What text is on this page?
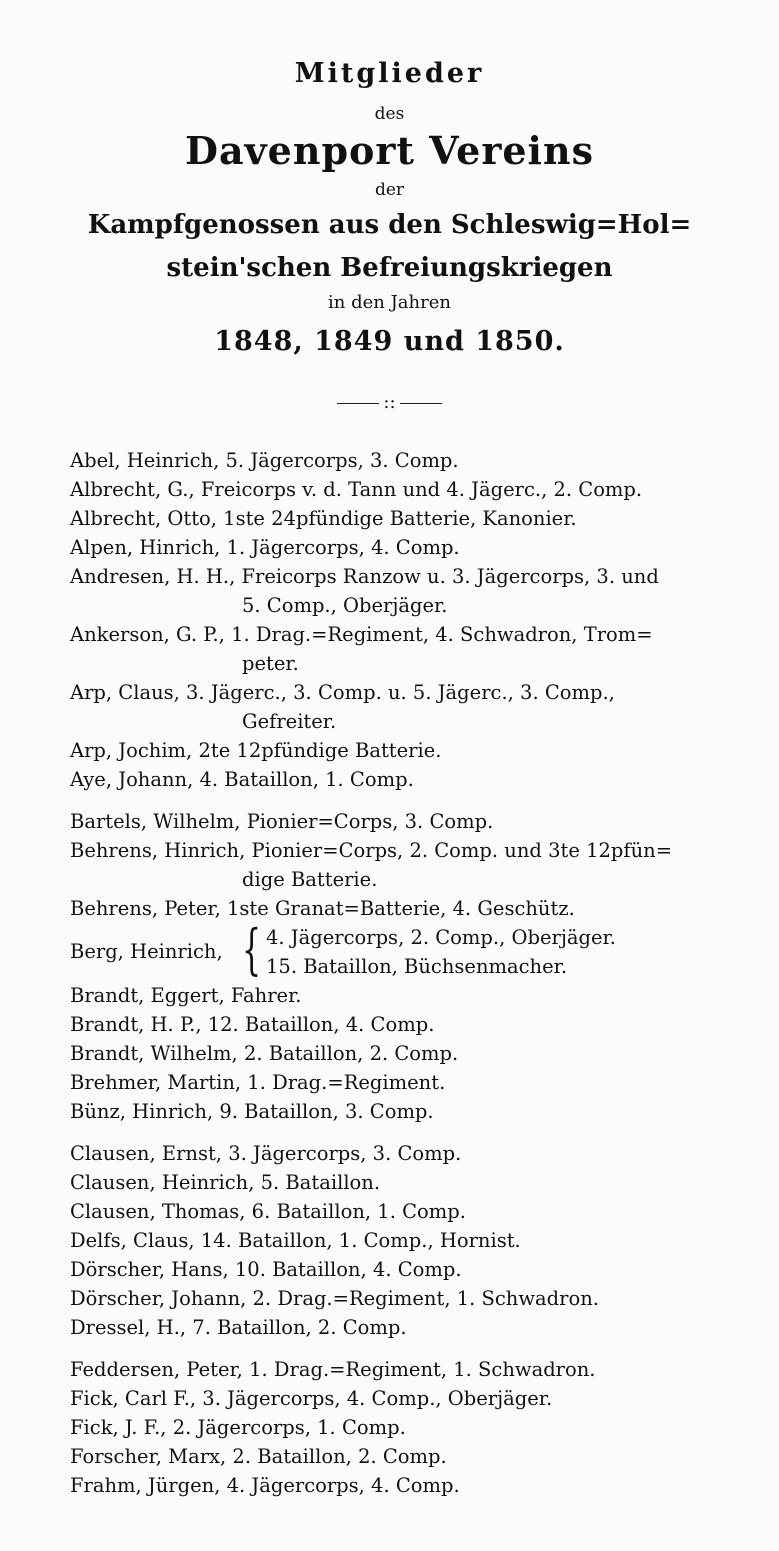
Mitglieder
des
Davenport Vereins
der
Kampfgenossen aus den Schleswig=Hol=
stein'schen Befreiungskriegen
in den Jahren
1848, 1849 und 1850.
::
Abel, Heinrich, 5. Jägercorps, 3. Comp.
Albrecht, G., Freicorps v. d. Tann und 4. Jägerc., 2. Comp.
Albrecht, Otto, 1ste 24pfündige Batterie, Kanonier.
Alpen, Hinrich, 1. Jägercorps, 4. Comp.
Andresen, H. H., Freicorps Ranzow u. 3. Jägercorps, 3. und
5. Comp., Oberjäger.
Ankerson, G. P., 1. Drag.=Regiment, 4. Schwadron, Trom=
peter.
Arp, Claus, 3. Jägerc., 3. Comp. u. 5. Jägerc., 3. Comp.,
Gefreiter.
Arp, Jochim, 2te 12pfündige Batterie.
Aye, Johann, 4. Bataillon, 1. Comp.
Bartels, Wilhelm, Pionier=Corps, 3. Comp.
Behrens, Hinrich, Pionier=Corps, 2. Comp. und 3te 12pfün=
dige Batterie.
Behrens, Peter, 1ste Granat=Batterie, 4. Geschütz.
Berg, Heinrich, { 4. Jägercorps, 2. Comp., Oberjäger.
15. Bataillon, Büchsenmacher.
Brandt, Eggert, Fahrer.
Brandt, H. P., 12. Bataillon, 4. Comp.
Brandt, Wilhelm, 2. Bataillon, 2. Comp.
Brehmer, Martin, 1. Drag.=Regiment.
Bünz, Hinrich, 9. Bataillon, 3. Comp.
Clausen, Ernst, 3. Jägercorps, 3. Comp.
Clausen, Heinrich, 5. Bataillon.
Clausen, Thomas, 6. Bataillon, 1. Comp.
Delfs, Claus, 14. Bataillon, 1. Comp., Hornist.
Dörscher, Hans, 10. Bataillon, 4. Comp.
Dörscher, Johann, 2. Drag.=Regiment, 1. Schwadron.
Dressel, H., 7. Bataillon, 2. Comp.
Feddersen, Peter, 1. Drag.=Regiment, 1. Schwadron.
Fick, Carl F., 3. Jägercorps, 4. Comp., Oberjäger.
Fick, J. F., 2. Jägercorps, 1. Comp.
Forscher, Marx, 2. Bataillon, 2. Comp.
Frahm, Jürgen, 4. Jägercorps, 4. Comp.
